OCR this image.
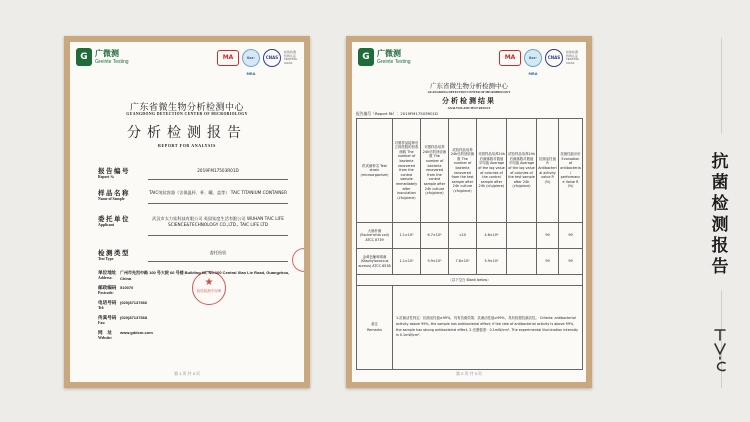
G 广微测
Greinte Testing
MA	ilac-MRA
CNAS
检验检测 机构认证 TESTING CNAS
广东省微生物分析检测中心
GUANGDONG DETECTION CENTER OF MICROBIOLOGY
分析检测报告
REPORT FOR ANALYSIS
报告编号
Report №
2019FM17503R01D
样品名称
Name of Sample
TAIC纯钛容器（含保温杯、杯、罐、盖等） TAIC TITANIUM CONTAINER
委托单位
Applicant
武汉市太力钛科技有限公司 英国钛度生活有限公司 WUHAN TAIC LIFE SCIENCE&TECHNOLOGY CO.,LTD., TAIC LIFE LTD
检测类型
Test Type
委托检验
★
检验检测专用章
单位地址
Address:
广州市先烈中路 100 号大院 66 号楼 Building 66, No.100 Central Xian Lie Road, Guangzhou, China
邮政编码
Postcode:
510070
电话号码
Tel:
(020)87137666
传真号码
Fax:
(020)87137668
网　址
Website:
www.gddcm.com
第 1 页 共 3 页
G 广微测
Greinte Testing
MA	ilac-MRA
CNAS
检验检测 机构认证 TESTING CNAS
广东省微生物分析检测中心
GUANGDONG DETECTION CENTER OF MICROBIOLOGY
分析检测结果
ANALYSIS AND TEST RESULT
报告编号（Report №）：2019FM17503R01D
供试菌种名 Test strain (microorganism)	对照样品接种后立即洗脱的回收菌数 The number of bacteria recovered from the control sample immediately after inoculation (cfu/piece)	对照样品培养24h后的回收菌数 The number of bacteria recovered from the control sample after 24h culture (cfu/piece)	试验样品培养24h后的回收菌数 The number of bacteria recovered from the test sample after 24h culture (cfu/piece)	对照样品培养24h后菌落数对数值平均值 Average of the log value of colonies of the control sample after 24h (cfu/piece)	试验样品培养24h后菌落数对数值平均值 Average of the log value of colonies of the test sample after 24h (cfu/piece)	抗菌活性值 R Antibacterial activity value R (%)	抗菌性能评价 Evaluation of antibacterial performance Value R (%)
大肠杆菌 (Escherichia coli) ATCC 8739	1.1×10⁵	6.7×10⁶	<10	4.6×10⁶		99	99
金黄色葡萄球菌 (Staphylococcus aureus) ATCC 6538	1.1×10⁵	9.9×10⁵	7.8×10²	5.9×10⁵		99	99
（以下空白 Blank below）							

备注
Remarks	1.抗菌活性判定：抗菌活性值≥99%，具有抗菌效果；抗菌活性值≥99%，具有较强抗菌活性。 Criteria: antibacterial activity above 99%, the sample has antibacterial effect; if the rate of antibacterial activity is above 99%, the sample has strong antibacterial effect. 2.光照强度：0.1mW/cm². The experimental illumination intensity is 0.1mW/cm².						
第 2 页 共 3 页
抗
菌
检
测
报
告
